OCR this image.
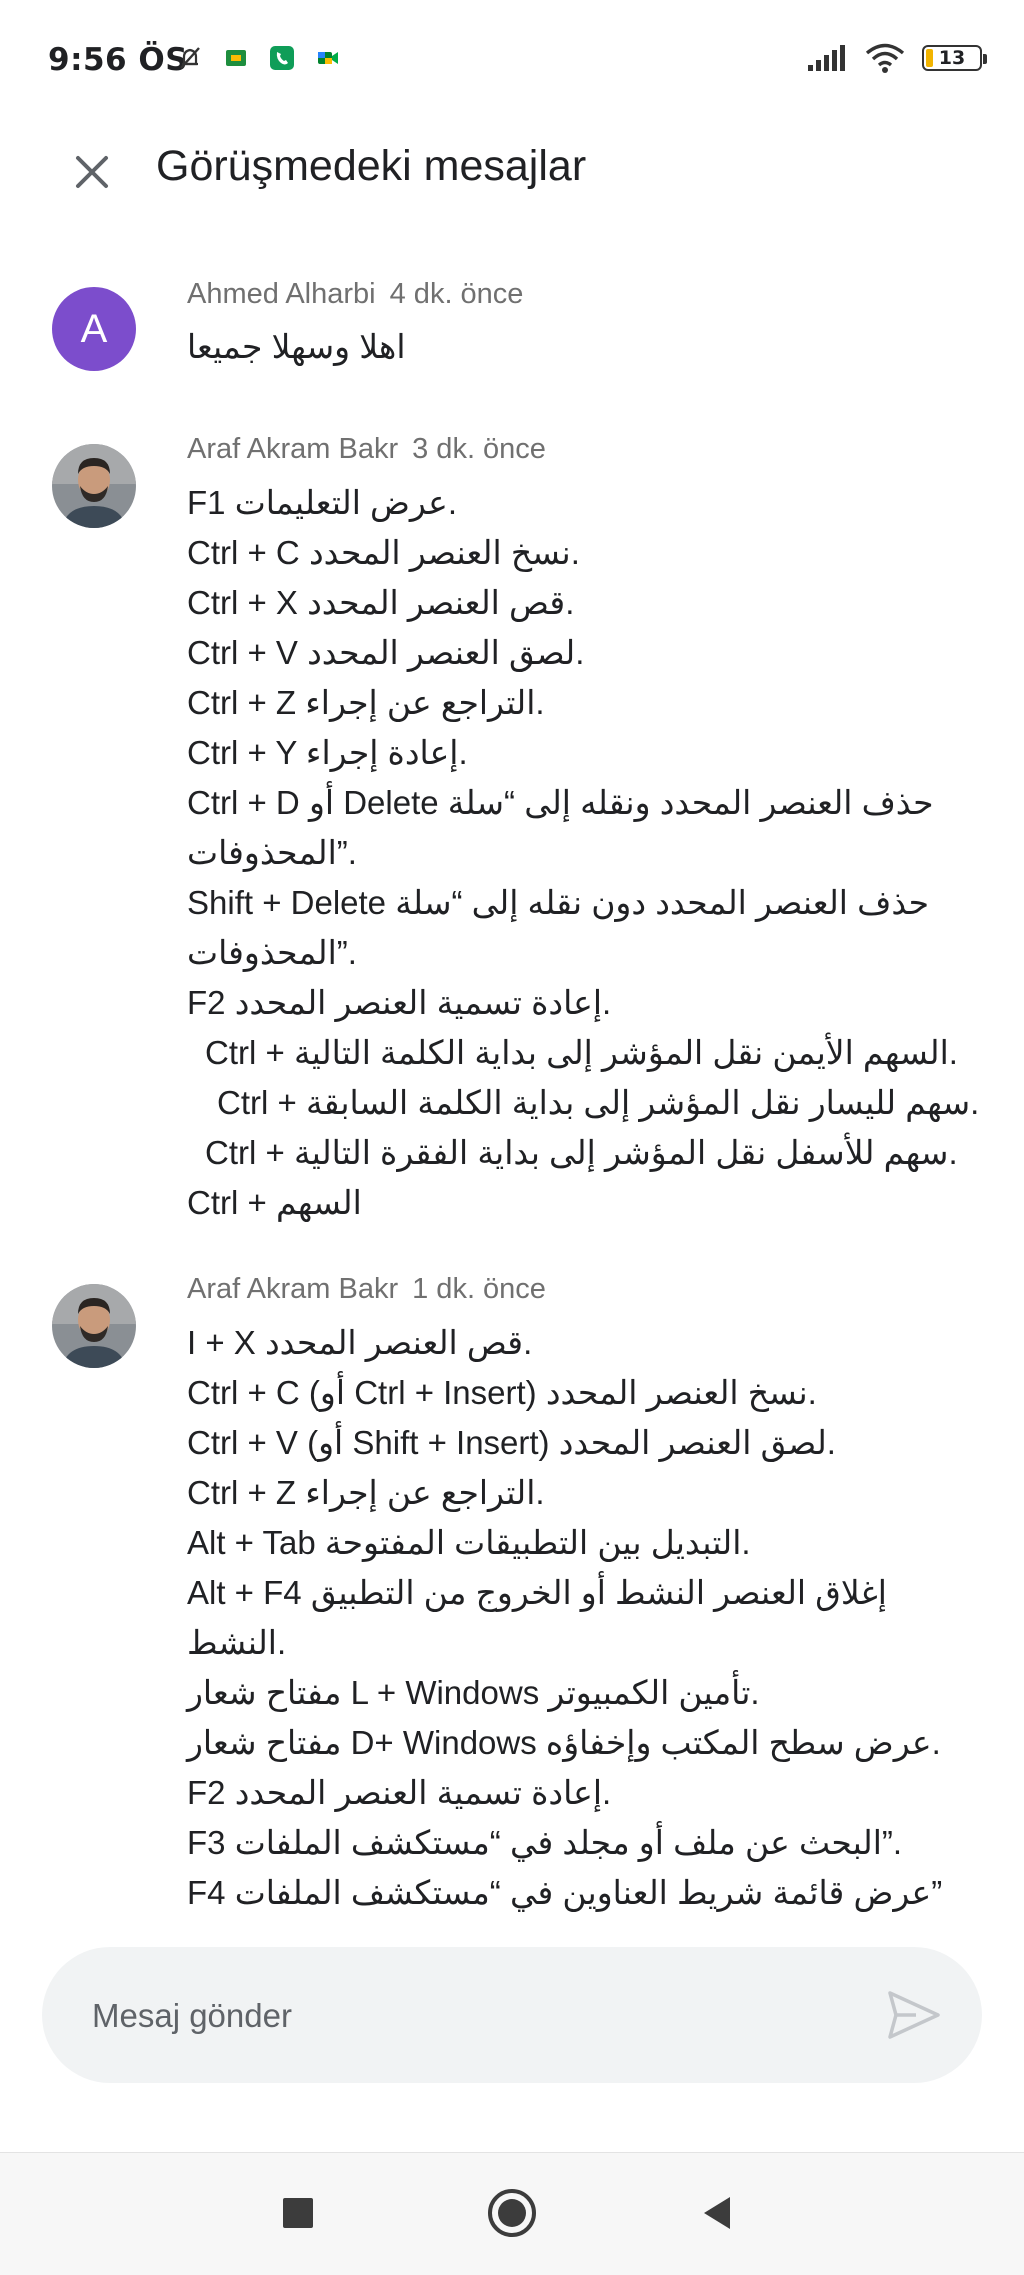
9:56 ÖS	13
Görüşmedeki mesajlar
A
Ahmed Alharbi 4 dk. önce
اهلا وسهلا جميعا
Araf Akram Bakr 3 dk. önce
F1 عرض التعليمات.
Ctrl + C نسخ العنصر المحدد.
Ctrl + X قص العنصر المحدد.
Ctrl + V لصق العنصر المحدد.
Ctrl + Z التراجع عن إجراء.
Ctrl + Y إعادة إجراء.
Ctrl + D أو Delete حذف العنصر المحدد ونقله إلى “سلة المحذوفات”.
Shift + Delete حذف العنصر المحدد دون نقله إلى “سلة المحذوفات”.
F2 إعادة تسمية العنصر المحدد.
Ctrl + السهم الأيمن نقل المؤشر إلى بداية الكلمة التالية.
Ctrl + سهم لليسار نقل المؤشر إلى بداية الكلمة السابقة.
Ctrl + سهم للأسفل نقل المؤشر إلى بداية الفقرة التالية.
Ctrl + السهم
Araf Akram Bakr 1 dk. önce
I + X قص العنصر المحدد.
Ctrl + C (أو Ctrl + Insert) نسخ العنصر المحدد.
Ctrl + V (أو Shift + Insert) لصق العنصر المحدد.
Ctrl + Z التراجع عن إجراء.
Alt + Tab التبديل بين التطبيقات المفتوحة.
Alt + F4 إغلاق العنصر النشط أو الخروج من التطبيق النشط.
مفتاح شعار L + Windows تأمين الكمبيوتر.
مفتاح شعار D+ Windows عرض سطح المكتب وإخفاؤه.
F2 إعادة تسمية العنصر المحدد.
F3 البحث عن ملف أو مجلد في “مستكشف الملفات”.
F4 عرض قائمة شريط العناوين في “مستكشف الملفات”
Mesaj gönder
